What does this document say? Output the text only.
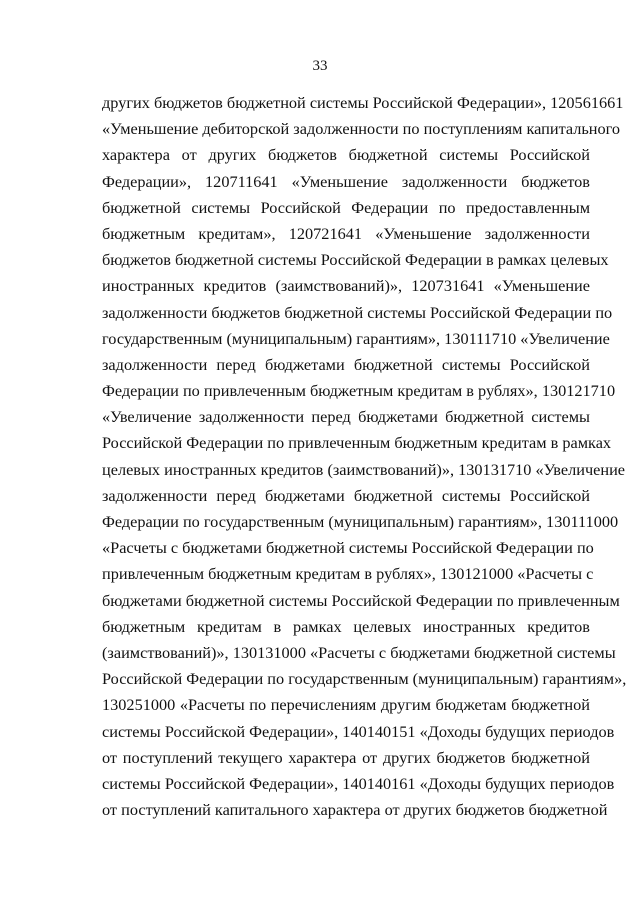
33
других бюджетов бюджетной системы Российской Федерации», 120561661
«Уменьшение дебиторской задолженности по поступлениям капитального
характера от других бюджетов бюджетной системы Российской
Федерации», 120711641 «Уменьшение задолженности бюджетов
бюджетной системы Российской Федерации по предоставленным
бюджетным кредитам», 120721641 «Уменьшение задолженности
бюджетов бюджетной системы Российской Федерации в рамках целевых
иностранных кредитов (заимствований)», 120731641 «Уменьшение
задолженности бюджетов бюджетной системы Российской Федерации по
государственным (муниципальным) гарантиям», 130111710 «Увеличение
задолженности перед бюджетами бюджетной системы Российской
Федерации по привлеченным бюджетным кредитам в рублях», 130121710
«Увеличение задолженности перед бюджетами бюджетной системы
Российской Федерации по привлеченным бюджетным кредитам в рамках
целевых иностранных кредитов (заимствований)», 130131710 «Увеличение
задолженности перед бюджетами бюджетной системы Российской
Федерации по государственным (муниципальным) гарантиям», 130111000
«Расчеты с бюджетами бюджетной системы Российской Федерации по
привлеченным бюджетным кредитам в рублях», 130121000 «Расчеты с
бюджетами бюджетной системы Российской Федерации по привлеченным
бюджетным кредитам в рамках целевых иностранных кредитов
(заимствований)», 130131000 «Расчеты с бюджетами бюджетной системы
Российской Федерации по государственным (муниципальным) гарантиям»,
130251000 «Расчеты по перечислениям другим бюджетам бюджетной
системы Российской Федерации», 140140151 «Доходы будущих периодов
от поступлений текущего характера от других бюджетов бюджетной
системы Российской Федерации», 140140161 «Доходы будущих периодов
от поступлений капитального характера от других бюджетов бюджетной
